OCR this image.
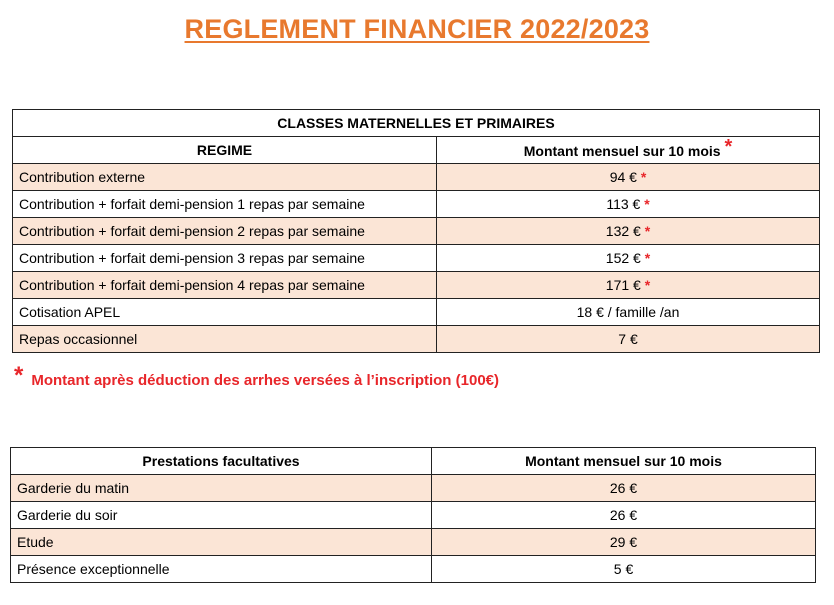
REGLEMENT FINANCIER 2022/2023
CLASSES MATERNELLES ET PRIMAIRES	
REGIME	Montant mensuel sur 10 mois *
Contribution externe	94 € *
Contribution + forfait demi-pension 1 repas par semaine	113 € *
Contribution + forfait demi-pension 2 repas par semaine	132 € *
Contribution + forfait demi-pension 3 repas par semaine	152 € *
Contribution + forfait demi-pension 4 repas par semaine	171 € *
Cotisation APEL	18 € / famille /an
Repas occasionnel	7 €
* Montant après déduction des arrhes versées à l’inscription (100€)
Prestations facultatives	Montant mensuel sur 10 mois
Garderie du matin	26 €
Garderie du soir	26 €
Etude	29 €
Présence exceptionnelle	5 €
